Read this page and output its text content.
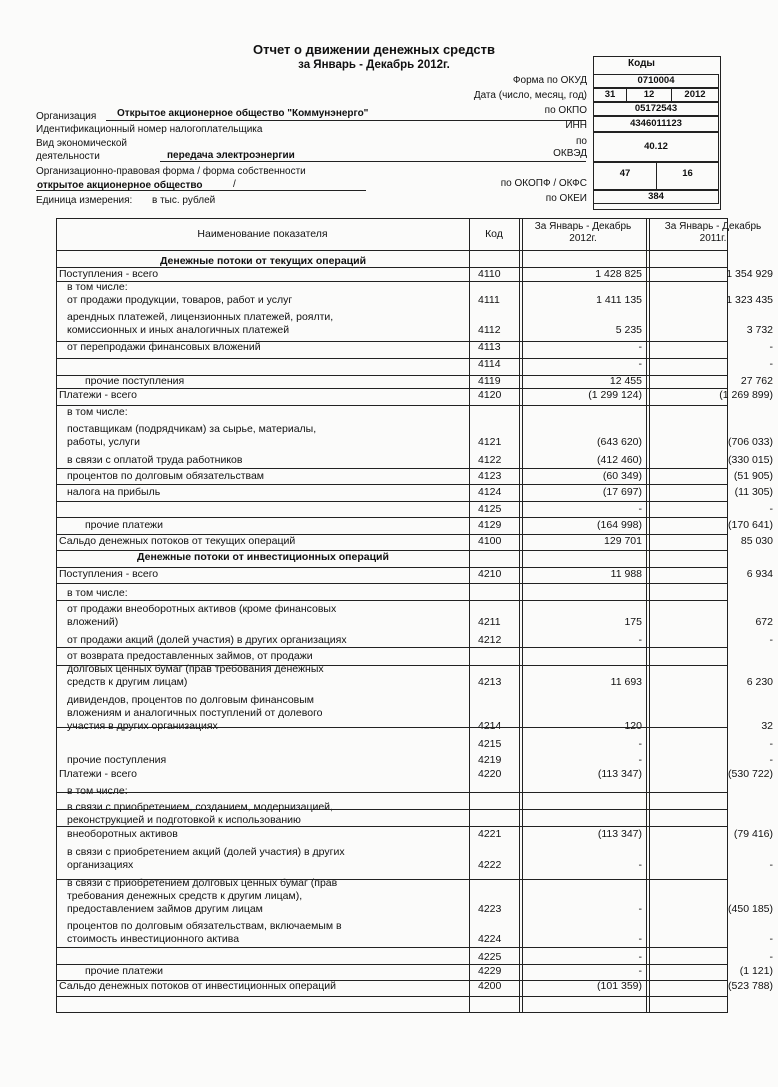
Отчет о движении денежных средств
за Январь - Декабрь 2012г.	Коды
Форма по ОКУД	0710004
Дата (число, месяц, год)	31	12	2012
по ОКПО	05172543
ИНН	4346011123
по
ОКВЭД
40.12
по ОКОПФ / ОКФС
47	16
по ОКЕИ	384
Организация Открытое акционерное общество "Коммунэнерго"
Идентификационный номер налогоплательщика
Вид экономической
деятельности	передача электроэнергии
Организационно-правовая форма / форма собственности
открытое акционерное общество	/
Единица измерения: в тыс. рублей
Наименование показателя	Код
За Январь - Декабрь
2012г.
За Январь - Декабрь
2011г.
Денежные потоки от текущих операций
Поступления - всего	4110	1 428 825	1 354 929
в том числе:
от продажи продукции, товаров, работ и услуг	4111	1 411 135	1 323 435
арендных платежей, лицензионных платежей, роялти,
комиссионных и иных аналогичных платежей	4112	5 235	3 732
от перепродажи финансовых вложений	4113	-	-
4114	-	-
прочие поступления	4119	12 455	27 762
Платежи - всего	4120	(1 299 124)	(1 269 899)
в том числе:
поставщикам (подрядчикам) за сырье, материалы,
работы, услуги	4121	(643 620)	(706 033)
в связи с оплатой труда работников	4122	(412 460)	(330 015)
процентов по долговым обязательствам	4123	(60 349)	(51 905)
налога на прибыль	4124	(17 697)	(11 305)
4125	-	-
прочие платежи	4129	(164 998)	(170 641)
Сальдо денежных потоков от текущих операций	4100	129 701	85 030
Денежные потоки от инвестиционных операций
Поступления - всего	4210	11 988	6 934
в том числе:
от продажи внеоборотных активов (кроме финансовых
вложений)	4211	175	672
от продажи акций (долей участия) в других организациях	4212	-	-
от возврата предоставленных займов, от продажи
долговых ценных бумаг (прав требования денежных
средств к другим лицам)	4213	11 693	6 230
дивидендов, процентов по долговым финансовым
вложениям и аналогичных поступлений от долевого
участия в других организациях	4214	120	32
4215	-	-
прочие поступления	4219	-	-
Платежи - всего	4220	(113 347)	(530 722)
в том числе:
в связи с приобретением, созданием, модернизацией,
реконструкцией и подготовкой к использованию
внеоборотных активов	4221	(113 347)	(79 416)
в связи с приобретением акций (долей участия) в других
организациях	4222	-	-
в связи с приобретением долговых ценных бумаг (прав
требования денежных средств к другим лицам),
предоставлением займов другим лицам	4223	-	(450 185)
процентов по долговым обязательствам, включаемым в
стоимость инвестиционного актива	4224	-	-
4225	-	-
прочие платежи	4229	-	(1 121)
Сальдо денежных потоков от инвестиционных операций	4200	(101 359)	(523 788)
